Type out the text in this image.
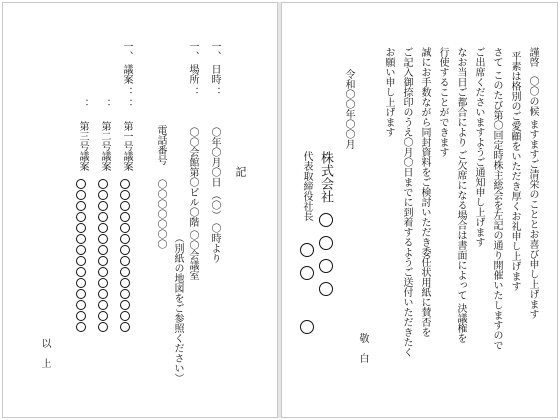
記
一、 日時 ：
〇年〇月〇日 （〇） 〇時より
一、 場所 ：
〇〇会館第〇ビル〇階 〇〇会議室
（別紙の地図をご参照ください）
電話番号
〇〇〇〇〇〇〇
一、 議案 ：
：
第一号議案
：
第二号議案
：
第三号議案
以　上
謹啓
〇〇の候 ますますご清栄のこととお喜び申し上げます
平素は格別のご愛顧をいただき厚くお礼申し上げます
さて このたび第〇回定時株主総会を左記の通り開催いたしますので
ご出席くださいますようご通知申し上げます
なお当日ご都合により ご欠席になる場合は書面によって 決議権を
行使することができます
誠にお手数ながら同封資料をご検討いただき委任状用紙に賛否を
ご記入御捺印のうえ〇月〇日までに到着するようご送付いただきたく
お願い申し上げます
敬　白
令和〇〇年〇〇月
株式会社
代表取締役社長
